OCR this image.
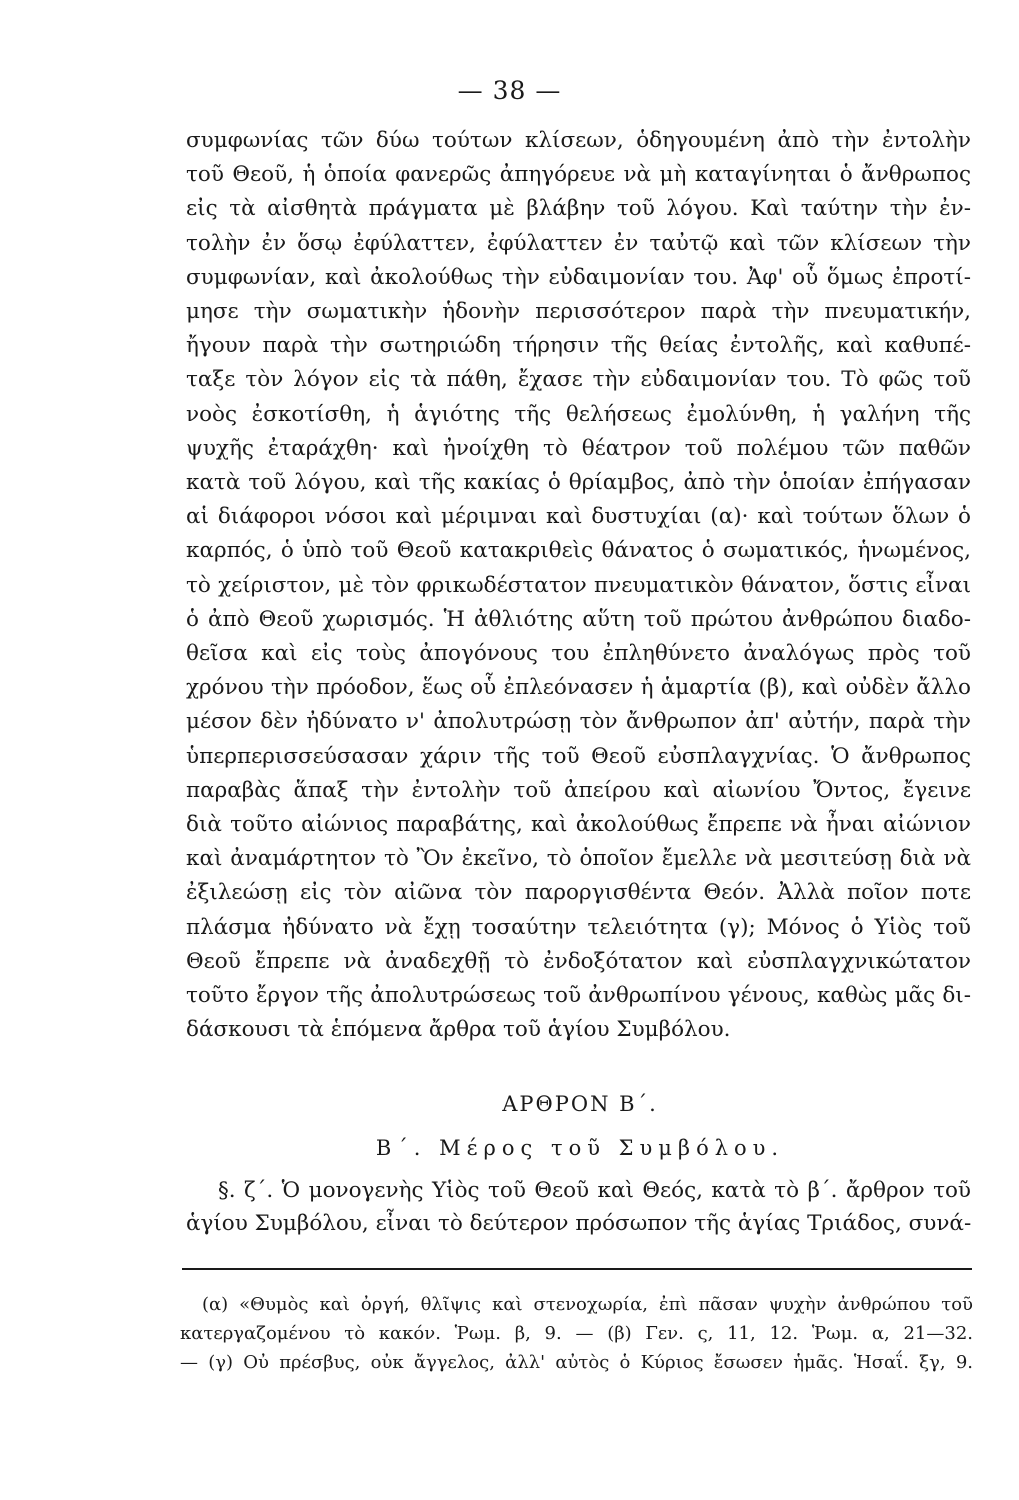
— 38 —
συμφωνίας τῶν δύω τούτων κλίσεων, ὁδηγουμένη ἀπὸ τὴν ἐντολὴν
τοῦ Θεοῦ, ἡ ὁποία φανερῶς ἀπηγόρευε νὰ μὴ καταγίνηται ὁ ἄνθρωπος
εἰς τὰ αἰσθητὰ πράγματα μὲ βλάβην τοῦ λόγου. Καὶ ταύτην τὴν ἐν-
τολὴν ἐν ὅσῳ ἐφύλαττεν, ἐφύλαττεν ἐν ταὐτῷ καὶ τῶν κλίσεων τὴν
συμφωνίαν, καὶ ἀκολούθως τὴν εὐδαιμονίαν του. Ἀφ' οὗ ὅμως ἐπροτί-
μησε τὴν σωματικὴν ἡδονὴν περισσότερον παρὰ τὴν πνευματικήν,
ἤγουν παρὰ τὴν σωτηριώδη τήρησιν τῆς θείας ἐντολῆς, καὶ καθυπέ-
ταξε τὸν λόγον εἰς τὰ πάθη, ἔχασε τὴν εὐδαιμονίαν του. Τὸ φῶς τοῦ
νοὸς ἐσκοτίσθη, ἡ ἁγιότης τῆς θελήσεως ἐμολύνθη, ἡ γαλήνη τῆς
ψυχῆς ἐταράχθη· καὶ ἠνοίχθη τὸ θέατρον τοῦ πολέμου τῶν παθῶν
κατὰ τοῦ λόγου, καὶ τῆς κακίας ὁ θρίαμβος, ἀπὸ τὴν ὁποίαν ἐπήγασαν
αἱ διάφοροι νόσοι καὶ μέριμναι καὶ δυστυχίαι (α)· καὶ τούτων ὅλων ὁ
καρπός, ὁ ὑπὸ τοῦ Θεοῦ κατακριθεὶς θάνατος ὁ σωματικός, ἡνωμένος,
τὸ χείριστον, μὲ τὸν φρικωδέστατον πνευματικὸν θάνατον, ὅστις εἶναι
ὁ ἀπὸ Θεοῦ χωρισμός. Ἡ ἀθλιότης αὕτη τοῦ πρώτου ἀνθρώπου διαδο-
θεῖσα καὶ εἰς τοὺς ἀπογόνους του ἐπληθύνετο ἀναλόγως πρὸς τοῦ
χρόνου τὴν πρόοδον, ἕως οὗ ἐπλεόνασεν ἡ ἁμαρτία (β), καὶ οὐδὲν ἄλλο
μέσον δὲν ἠδύνατο ν' ἀπολυτρώσῃ τὸν ἄνθρωπον ἀπ' αὐτήν, παρὰ τὴν
ὑπερπερισσεύσασαν χάριν τῆς τοῦ Θεοῦ εὐσπλαγχνίας. Ὁ ἄνθρωπος
παραβὰς ἅπαξ τὴν ἐντολὴν τοῦ ἀπείρου καὶ αἰωνίου Ὄντος, ἔγεινε
διὰ τοῦτο αἰώνιος παραβάτης, καὶ ἀκολούθως ἔπρεπε νὰ ἦναι αἰώνιον
καὶ ἀναμάρτητον τὸ Ὂν ἐκεῖνο, τὸ ὁποῖον ἔμελλε νὰ μεσιτεύσῃ διὰ νὰ
ἐξιλεώσῃ εἰς τὸν αἰῶνα τὸν παροργισθέντα Θεόν. Ἀλλὰ ποῖον ποτε
πλάσμα ἠδύνατο νὰ ἔχῃ τοσαύτην τελειότητα (γ); Μόνος ὁ Υἱὸς τοῦ
Θεοῦ ἔπρεπε νὰ ἀναδεχθῇ τὸ ἐνδοξότατον καὶ εὐσπλαγχνικώτατον
τοῦτο ἔργον τῆς ἀπολυτρώσεως τοῦ ἀνθρωπίνου γένους, καθὼς μᾶς δι-
δάσκουσι τὰ ἑπόμενα ἄρθρα τοῦ ἁγίου Συμβόλου.
ΑΡΘΡΟΝ Β΄.
Β΄. Μέρος τοῦ Συμβόλου.
§. ζ΄. Ὁ μονογενὴς Υἱὸς τοῦ Θεοῦ καὶ Θεός, κατὰ τὸ β΄. ἄρθρον τοῦ
ἁγίου Συμβόλου, εἶναι τὸ δεύτερον πρόσωπον τῆς ἁγίας Τριάδος, συνά-
(α) «Θυμὸς καὶ ὀργή, θλῖψις καὶ στενοχωρία, ἐπὶ πᾶσαν ψυχὴν ἀνθρώπου τοῦ
κατεργαζομένου τὸ κακόν. Ῥωμ. β, 9. — (β) Γεν. ς, 11, 12. Ῥωμ. α, 21—32.
— (γ) Οὐ πρέσβυς, οὐκ ἄγγελος, ἀλλ' αὐτὸς ὁ Κύριος ἔσωσεν ἡμᾶς. Ἡσαΐ. ξγ, 9.
